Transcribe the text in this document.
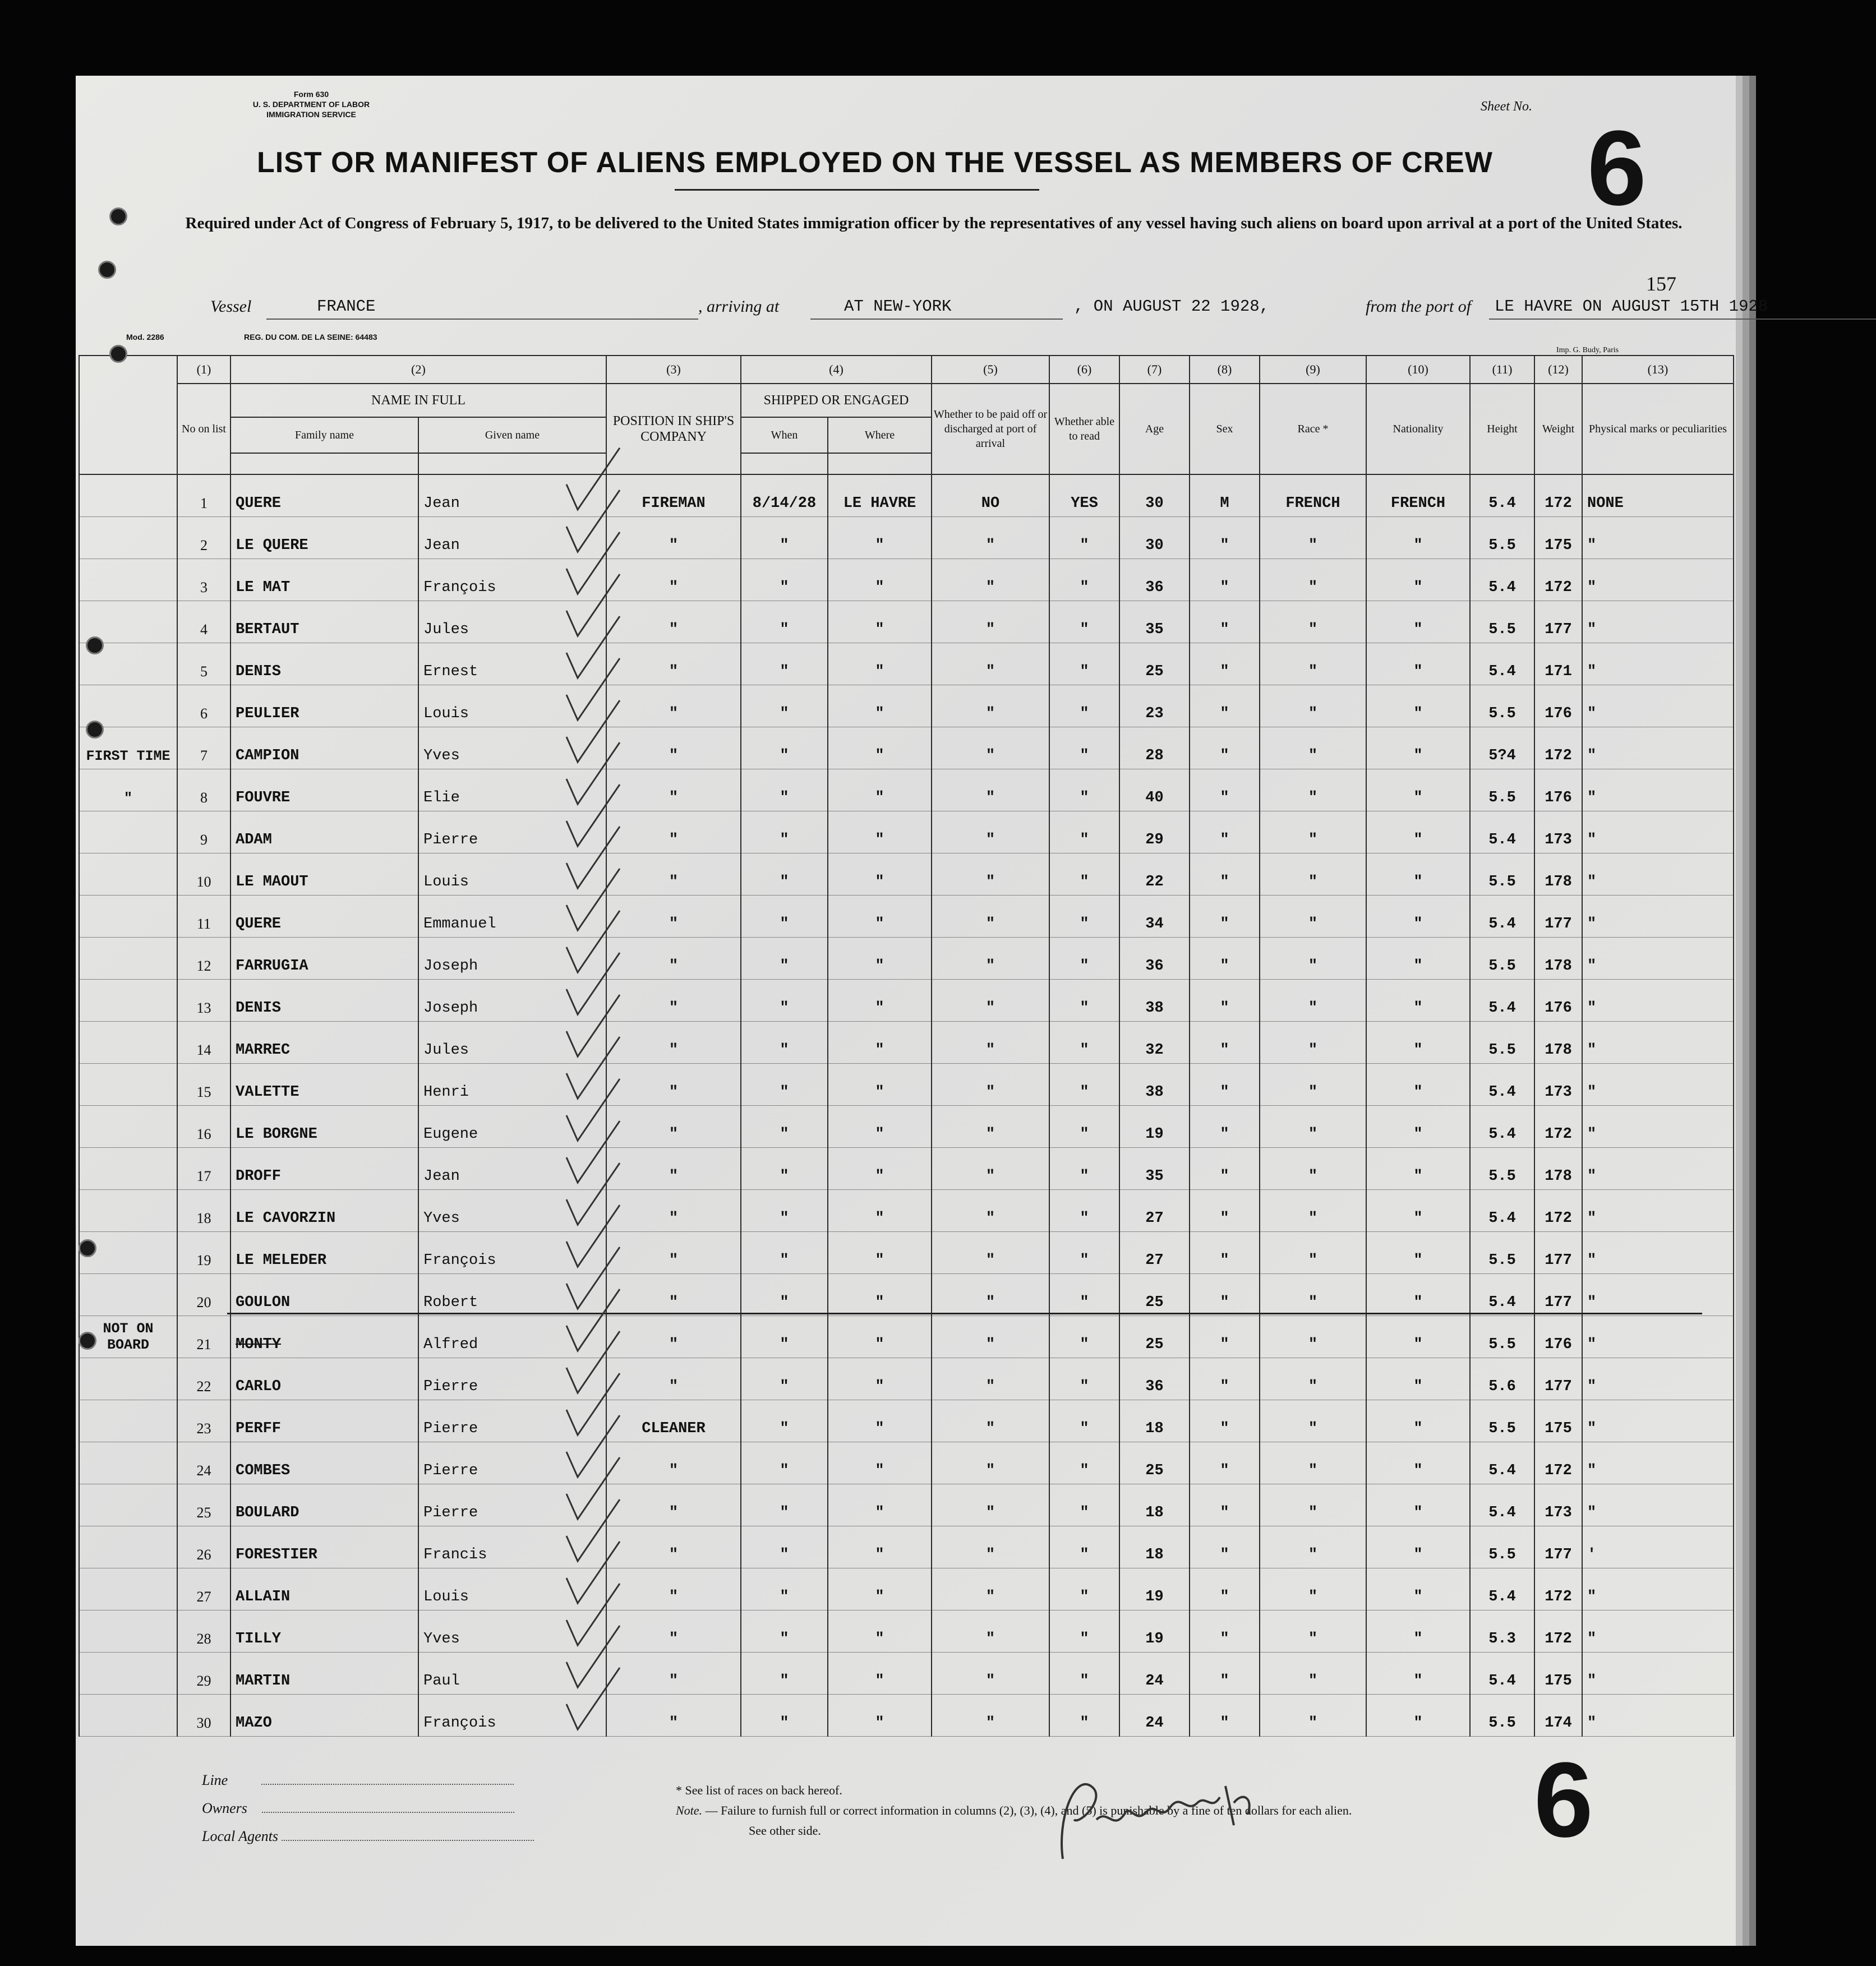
Form 630
U. S. DEPARTMENT OF LABOR
IMMIGRATION SERVICE
Sheet No.
6
LIST OR MANIFEST OF ALIENS EMPLOYED ON THE VESSEL AS MEMBERS OF CREW
Required under Act of Congress of February 5, 1917, to be delivered to the United States immigration officer by the representatives of any vessel having such aliens on board upon arrival at a port of the United States.
157
Vessel	FRANCE	, arriving at	AT NEW-YORK	, ON AUGUST 22 1928,	from the port of LE HAVRE ON AUGUST 15TH 1928
Mod. 2286	REG. DU COM. DE LA SEINE: 64483
Imp. G. Budy, Paris
	(1)	(2)		(3)	(4)		(5)	(6)	(7)	(8)	(9)	(10)	(11)	(12)	(13)
	No on list	NAME IN FULL		POSITION IN SHIP'S COMPANY	SHIPPED OR ENGAGED		Whether to be paid off or discharged at port of arrival	Whether able to read	Age	Sex	Race *	Nationality	Height	Weight	Physical marks or peculiarities
		Family name	Given name		When	Where									

	1	QUERE	Jean	FIREMAN	8/14/28	LE HAVRE	NO	YES	30	M	FRENCH	FRENCH	5.4	172	NONE
	2	LE QUERE	Jean	"	"	"	"	"	30	"	"	"	5.5	175	"
	3	LE MAT	François	"	"	"	"	"	36	"	"	"	5.4	172	"
	4	BERTAUT	Jules	"	"	"	"	"	35	"	"	"	5.5	177	"
	5	DENIS	Ernest	"	"	"	"	"	25	"	"	"	5.4	171	"
	6	PEULIER	Louis	"	"	"	"	"	23	"	"	"	5.5	176	"
FIRST TIME	7	CAMPION	Yves	"	"	"	"	"	28	"	"	"	5?4	172	"
"	8	FOUVRE	Elie	"	"	"	"	"	40	"	"	"	5.5	176	"
	9	ADAM	Pierre	"	"	"	"	"	29	"	"	"	5.4	173	"
	10	LE MAOUT	Louis	"	"	"	"	"	22	"	"	"	5.5	178	"
	11	QUERE	Emmanuel	"	"	"	"	"	34	"	"	"	5.4	177	"
	12	FARRUGIA	Joseph	"	"	"	"	"	36	"	"	"	5.5	178	"
	13	DENIS	Joseph	"	"	"	"	"	38	"	"	"	5.4	176	"
	14	MARREC	Jules	"	"	"	"	"	32	"	"	"	5.5	178	"
	15	VALETTE	Henri	"	"	"	"	"	38	"	"	"	5.4	173	"
	16	LE BORGNE	Eugene	"	"	"	"	"	19	"	"	"	5.4	172	"
	17	DROFF	Jean	"	"	"	"	"	35	"	"	"	5.5	178	"
	18	LE CAVORZIN	Yves	"	"	"	"	"	27	"	"	"	5.4	172	"
	19	LE MELEDER	François	"	"	"	"	"	27	"	"	"	5.5	177	"
	20	GOULON	Robert	"	"	"	"	"	25	"	"	"	5.4	177	"
NOT ON BOARD	21	MONTY	Alfred	"	"	"	"	"	25	"	"	"	5.5	176	"
	22	CARLO	Pierre	"	"	"	"	"	36	"	"	"	5.6	177	"
	23	PERFF	Pierre	CLEANER	"	"	"	"	18	"	"	"	5.5	175	"
	24	COMBES	Pierre	"	"	"	"	"	25	"	"	"	5.4	172	"
	25	BOULARD	Pierre	"	"	"	"	"	18	"	"	"	5.4	173	"
	26	FORESTIER	Francis	"	"	"	"	"	18	"	"	"	5.5	177	'
	27	ALLAIN	Louis	"	"	"	"	"	19	"	"	"	5.4	172	"
	28	TILLY	Yves	"	"	"	"	"	19	"	"	"	5.3	172	"
	29	MARTIN	Paul	"	"	"	"	"	24	"	"	"	5.4	175	"
	30	MAZO	François	"	"	"	"	"	24	"	"	"	5.5	174	"
Line
Owners
Local Agents
* See list of races on back hereof.
Note. — Failure to furnish full or correct information in columns (2), (3), (4), and (5) is punishable by a fine of ten dollars for each alien.
See other side.	6
